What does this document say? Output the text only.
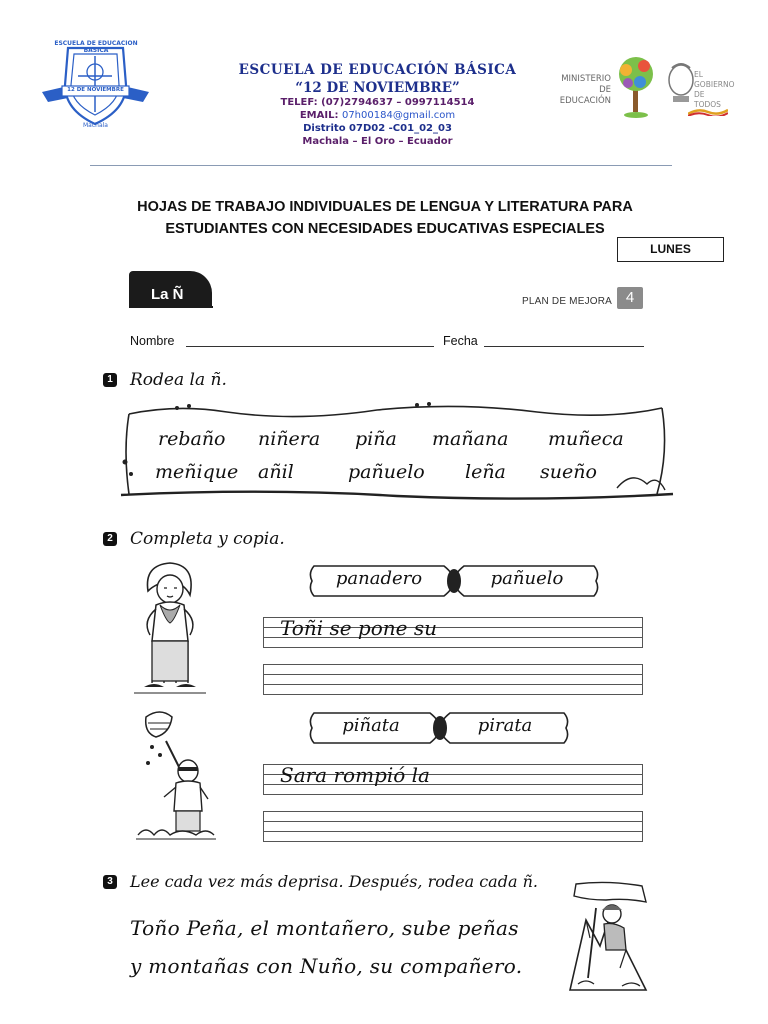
ESCUELA DE EDUCACION BASICA
12 DE NOVIEMBRE
Machala
ESCUELA DE EDUCACIÓN BÁSICA
“12 DE NOVIEMBRE”
TELEF: (07)2794637 – 0997114514
EMAIL: 07h00184@gmail.com
Distrito 07D02 -C01_02_03
Machala – El Oro – Ecuador
MINISTERIO DE EDUCACIÓN
EL GOBIERNO DE TODOS
HOJAS DE TRABAJO INDIVIDUALES DE LENGUA Y LITERATURA PARA
ESTUDIANTES CON NECESIDADES EDUCATIVAS ESPECIALES
LUNES
La Ñ	PLAN DE MEJORA 4
Nombre	Fecha
1 Rodea la ñ.
rebaño niñera piña mañana muñeca
meñique añil	pañuelo leña sueño
2 Completa y copia.
panadero	pañuelo
Toñi se pone su
piñata	pirata
Sara rompió la
3 Lee cada vez más deprisa. Después, rodea cada ñ.
Toño Peña, el montañero, sube peñas
y montañas con Nuño, su compañero.
